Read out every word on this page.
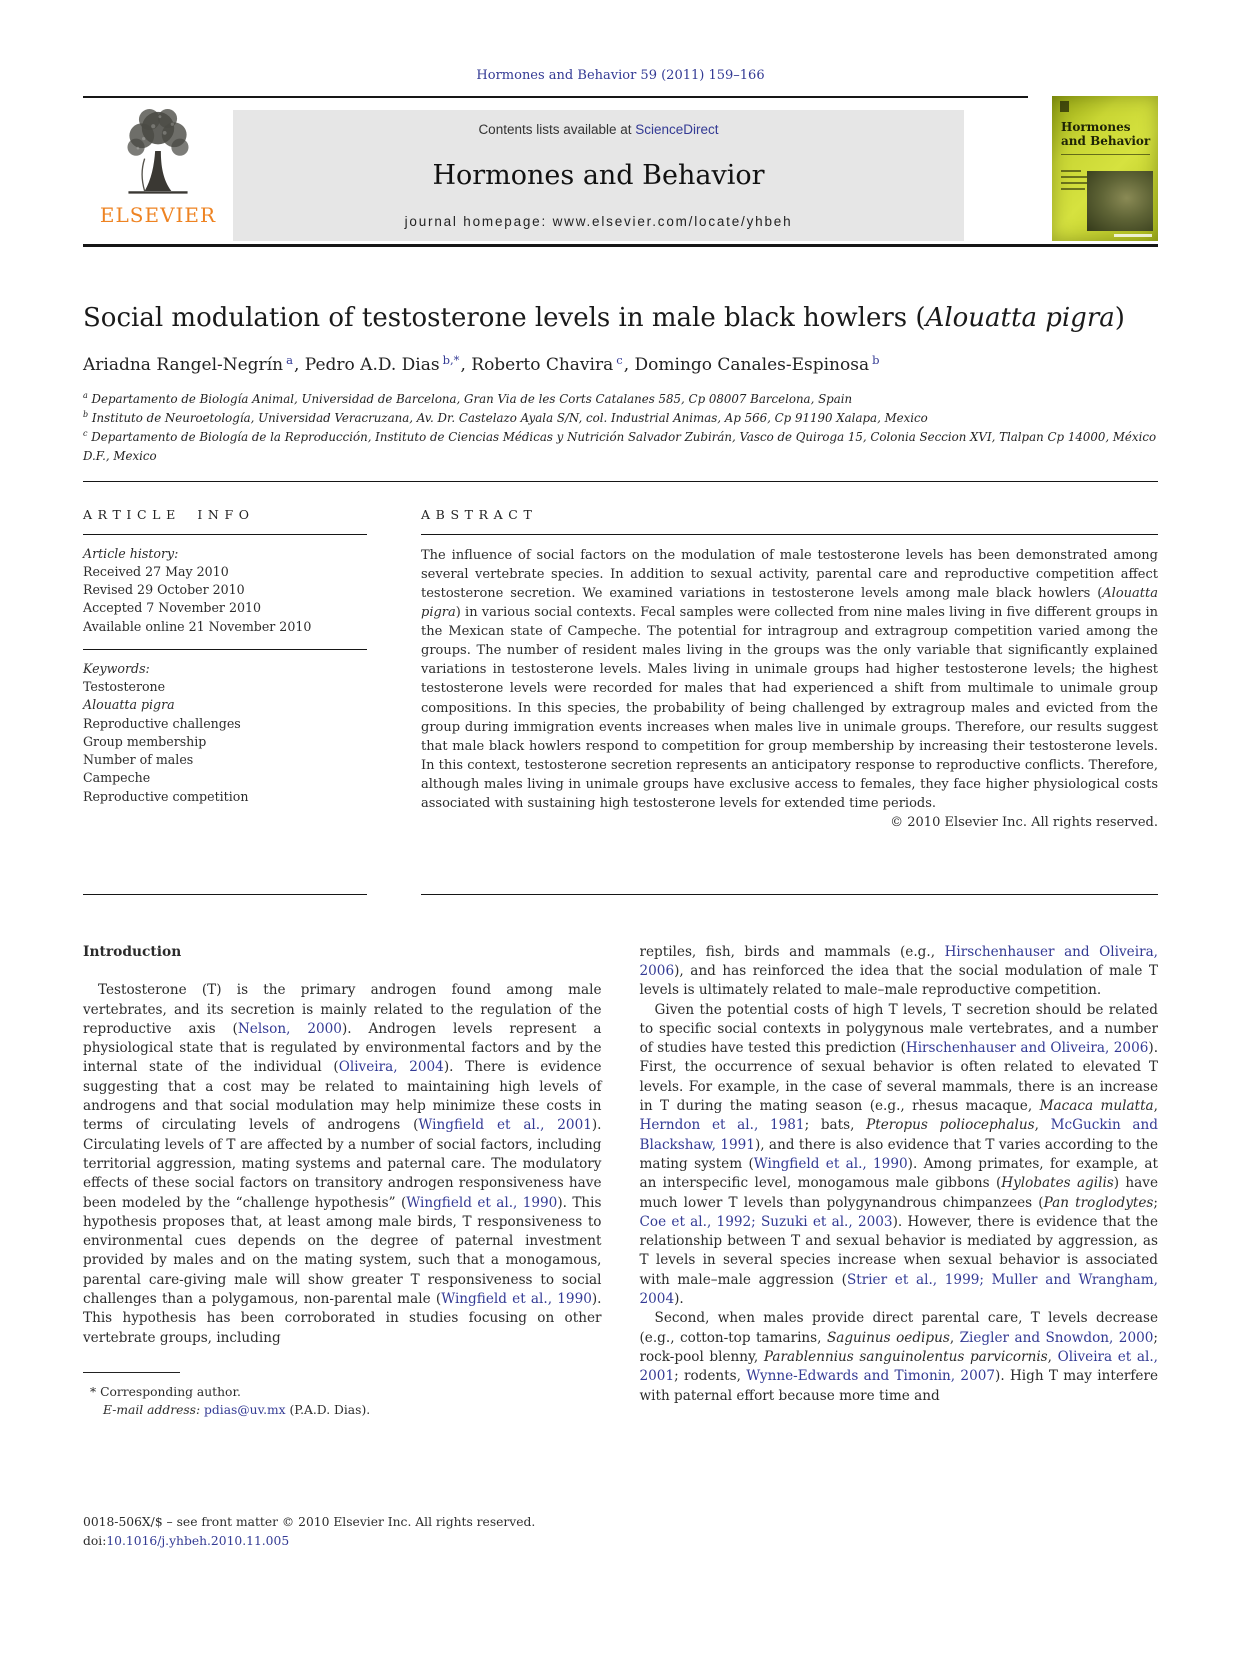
Hormones and Behavior 59 (2011) 159–166
ELSEVIER
Contents lists available at ScienceDirect
Hormones and Behavior
journal homepage: www.elsevier.com/locate/yhbeh
Hormones
and Behavior
Social modulation of testosterone levels in male black howlers (Alouatta pigra)
Ariadna Rangel-Negrín $^a$, Pedro A.D. Dias $^{b,*}$, Roberto Chavira $^c$, Domingo Canales-Espinosa $^b$
$^a$ Departamento de Biología Animal, Universidad de Barcelona, Gran Via de les Corts Catalanes 585, Cp 08007 Barcelona, Spain
$^b$ Instituto de Neuroetología, Universidad Veracruzana, Av. Dr. Castelazo Ayala S/N, col. Industrial Animas, Ap 566, Cp 91190 Xalapa, Mexico
$^c$ Departamento de Biología de la Reproducción, Instituto de Ciencias Médicas y Nutrición Salvador Zubirán, Vasco de Quiroga 15, Colonia Seccion XVI, Tlalpan Cp 14000, México D.F., Mexico
ARTICLE INFO
Article history:
Received 27 May 2010
Revised 29 October 2010
Accepted 7 November 2010
Available online 21 November 2010
Keywords:
Testosterone
Alouatta pigra
Reproductive challenges
Group membership
Number of males
Campeche
Reproductive competition
ABSTRACT

The influence of social factors on the modulation of male testosterone levels has been demonstrated among several vertebrate species. In addition to sexual activity, parental care and reproductive competition affect testosterone secretion. We examined variations in testosterone levels among male black howlers (Alouatta pigra) in various social contexts. Fecal samples were collected from nine males living in five different groups in the Mexican state of Campeche. The potential for intragroup and extragroup competition varied among the groups. The number of resident males living in the groups was the only variable that significantly explained variations in testosterone levels. Males living in unimale groups had higher testosterone levels; the highest testosterone levels were recorded for males that had experienced a shift from multimale to unimale group compositions. In this species, the probability of being challenged by extragroup males and evicted from the group during immigration events increases when males live in unimale groups. Therefore, our results suggest that male black howlers respond to competition for group membership by increasing their testosterone levels. In this context, testosterone secretion represents an anticipatory response to reproductive conflicts. Therefore, although males living in unimale groups have exclusive access to females, they face higher physiological costs associated with sustaining high testosterone levels for extended time periods.

© 2010 Elsevier Inc. All rights reserved.
Introduction

Testosterone (T) is the primary androgen found among male vertebrates, and its secretion is mainly related to the regulation of the reproductive axis (Nelson, 2000). Androgen levels represent a physiological state that is regulated by environmental factors and by the internal state of the individual (Oliveira, 2004). There is evidence suggesting that a cost may be related to maintaining high levels of androgens and that social modulation may help minimize these costs in terms of circulating levels of androgens (Wingfield et al., 2001). Circulating levels of T are affected by a number of social factors, including territorial aggression, mating systems and paternal care. The modulatory effects of these social factors on transitory androgen responsiveness have been modeled by the “challenge hypothesis” (Wingfield et al., 1990). This hypothesis proposes that, at least among male birds, T responsiveness to environmental cues depends on the degree of paternal investment provided by males and on the mating system, such that a monogamous, parental care-giving male will show greater T responsiveness to social challenges than a polygamous, non-parental male (Wingfield et al., 1990). This hypothesis has been corroborated in studies focusing on other vertebrate groups, including

* Corresponding author.
E-mail address: pdias@uv.mx (P.A.D. Dias).

reptiles, fish, birds and mammals (e.g., Hirschenhauser and Oliveira, 2006), and has reinforced the idea that the social modulation of male T levels is ultimately related to male–male reproductive competition.

Given the potential costs of high T levels, T secretion should be related to specific social contexts in polygynous male vertebrates, and a number of studies have tested this prediction (Hirschenhauser and Oliveira, 2006). First, the occurrence of sexual behavior is often related to elevated T levels. For example, in the case of several mammals, there is an increase in T during the mating season (e.g., rhesus macaque, Macaca mulatta, Herndon et al., 1981; bats, Pteropus poliocephalus, McGuckin and Blackshaw, 1991), and there is also evidence that T varies according to the mating system (Wingfield et al., 1990). Among primates, for example, at an interspecific level, monogamous male gibbons (Hylobates agilis) have much lower T levels than polygynandrous chimpanzees (Pan troglodytes; Coe et al., 1992; Suzuki et al., 2003). However, there is evidence that the relationship between T and sexual behavior is mediated by aggression, as T levels in several species increase when sexual behavior is associated with male–male aggression (Strier et al., 1999; Muller and Wrangham, 2004).

Second, when males provide direct parental care, T levels decrease (e.g., cotton-top tamarins, Saguinus oedipus, Ziegler and Snowdon, 2000; rock-pool blenny, Parablennius sanguinolentus parvicornis, Oliveira et al., 2001; rodents, Wynne-Edwards and Timonin, 2007). High T may interfere with paternal effort because more time and

0018-506X/$ – see front matter © 2010 Elsevier Inc. All rights reserved.
doi:10.1016/j.yhbeh.2010.11.005
